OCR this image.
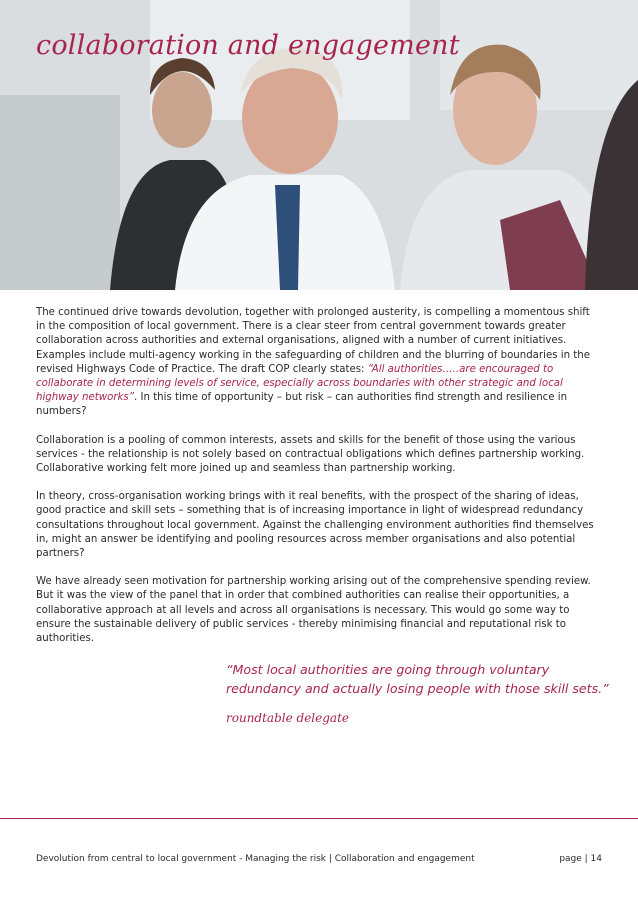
collaboration and engagement

The continued drive towards devolution, together with prolonged austerity, is compelling a momentous shift in the composition of local government. There is a clear steer from central government towards greater collaboration across authorities and external organisations, aligned with a number of current initiatives. Examples include multi-agency working in the safeguarding of children and the blurring of boundaries in the revised Highways Code of Practice. The draft COP clearly states: “All authorities…..are encouraged to collaborate in determining levels of service, especially across boundaries with other strategic and local highway networks”. In this time of opportunity – but risk – can authorities find strength and resilience in numbers?

Collaboration is a pooling of common interests, assets and skills for the benefit of those using the various services - the relationship is not solely based on contractual obligations which defines partnership working. Collaborative working felt more joined up and seamless than partnership working.

In theory, cross-organisation working brings with it real benefits, with the prospect of the sharing of ideas, good practice and skill sets – something that is of increasing importance in light of widespread redundancy consultations throughout local government. Against the challenging environment authorities find themselves in, might an answer be identifying and pooling resources across member organisations and also potential partners?

We have already seen motivation for partnership working arising out of the comprehensive spending review. But it was the view of the panel that in order that combined authorities can realise their opportunities, a collaborative approach at all levels and across all organisations is necessary. This would go some way to ensure the sustainable delivery of public services - thereby minimising financial and reputational risk to authorities.

“Most local authorities are going through voluntary redundancy and actually losing people with those skill sets.”

roundtable delegate

Devolution from central to local government - Managing the risk | Collaboration and engagement	page | 14
